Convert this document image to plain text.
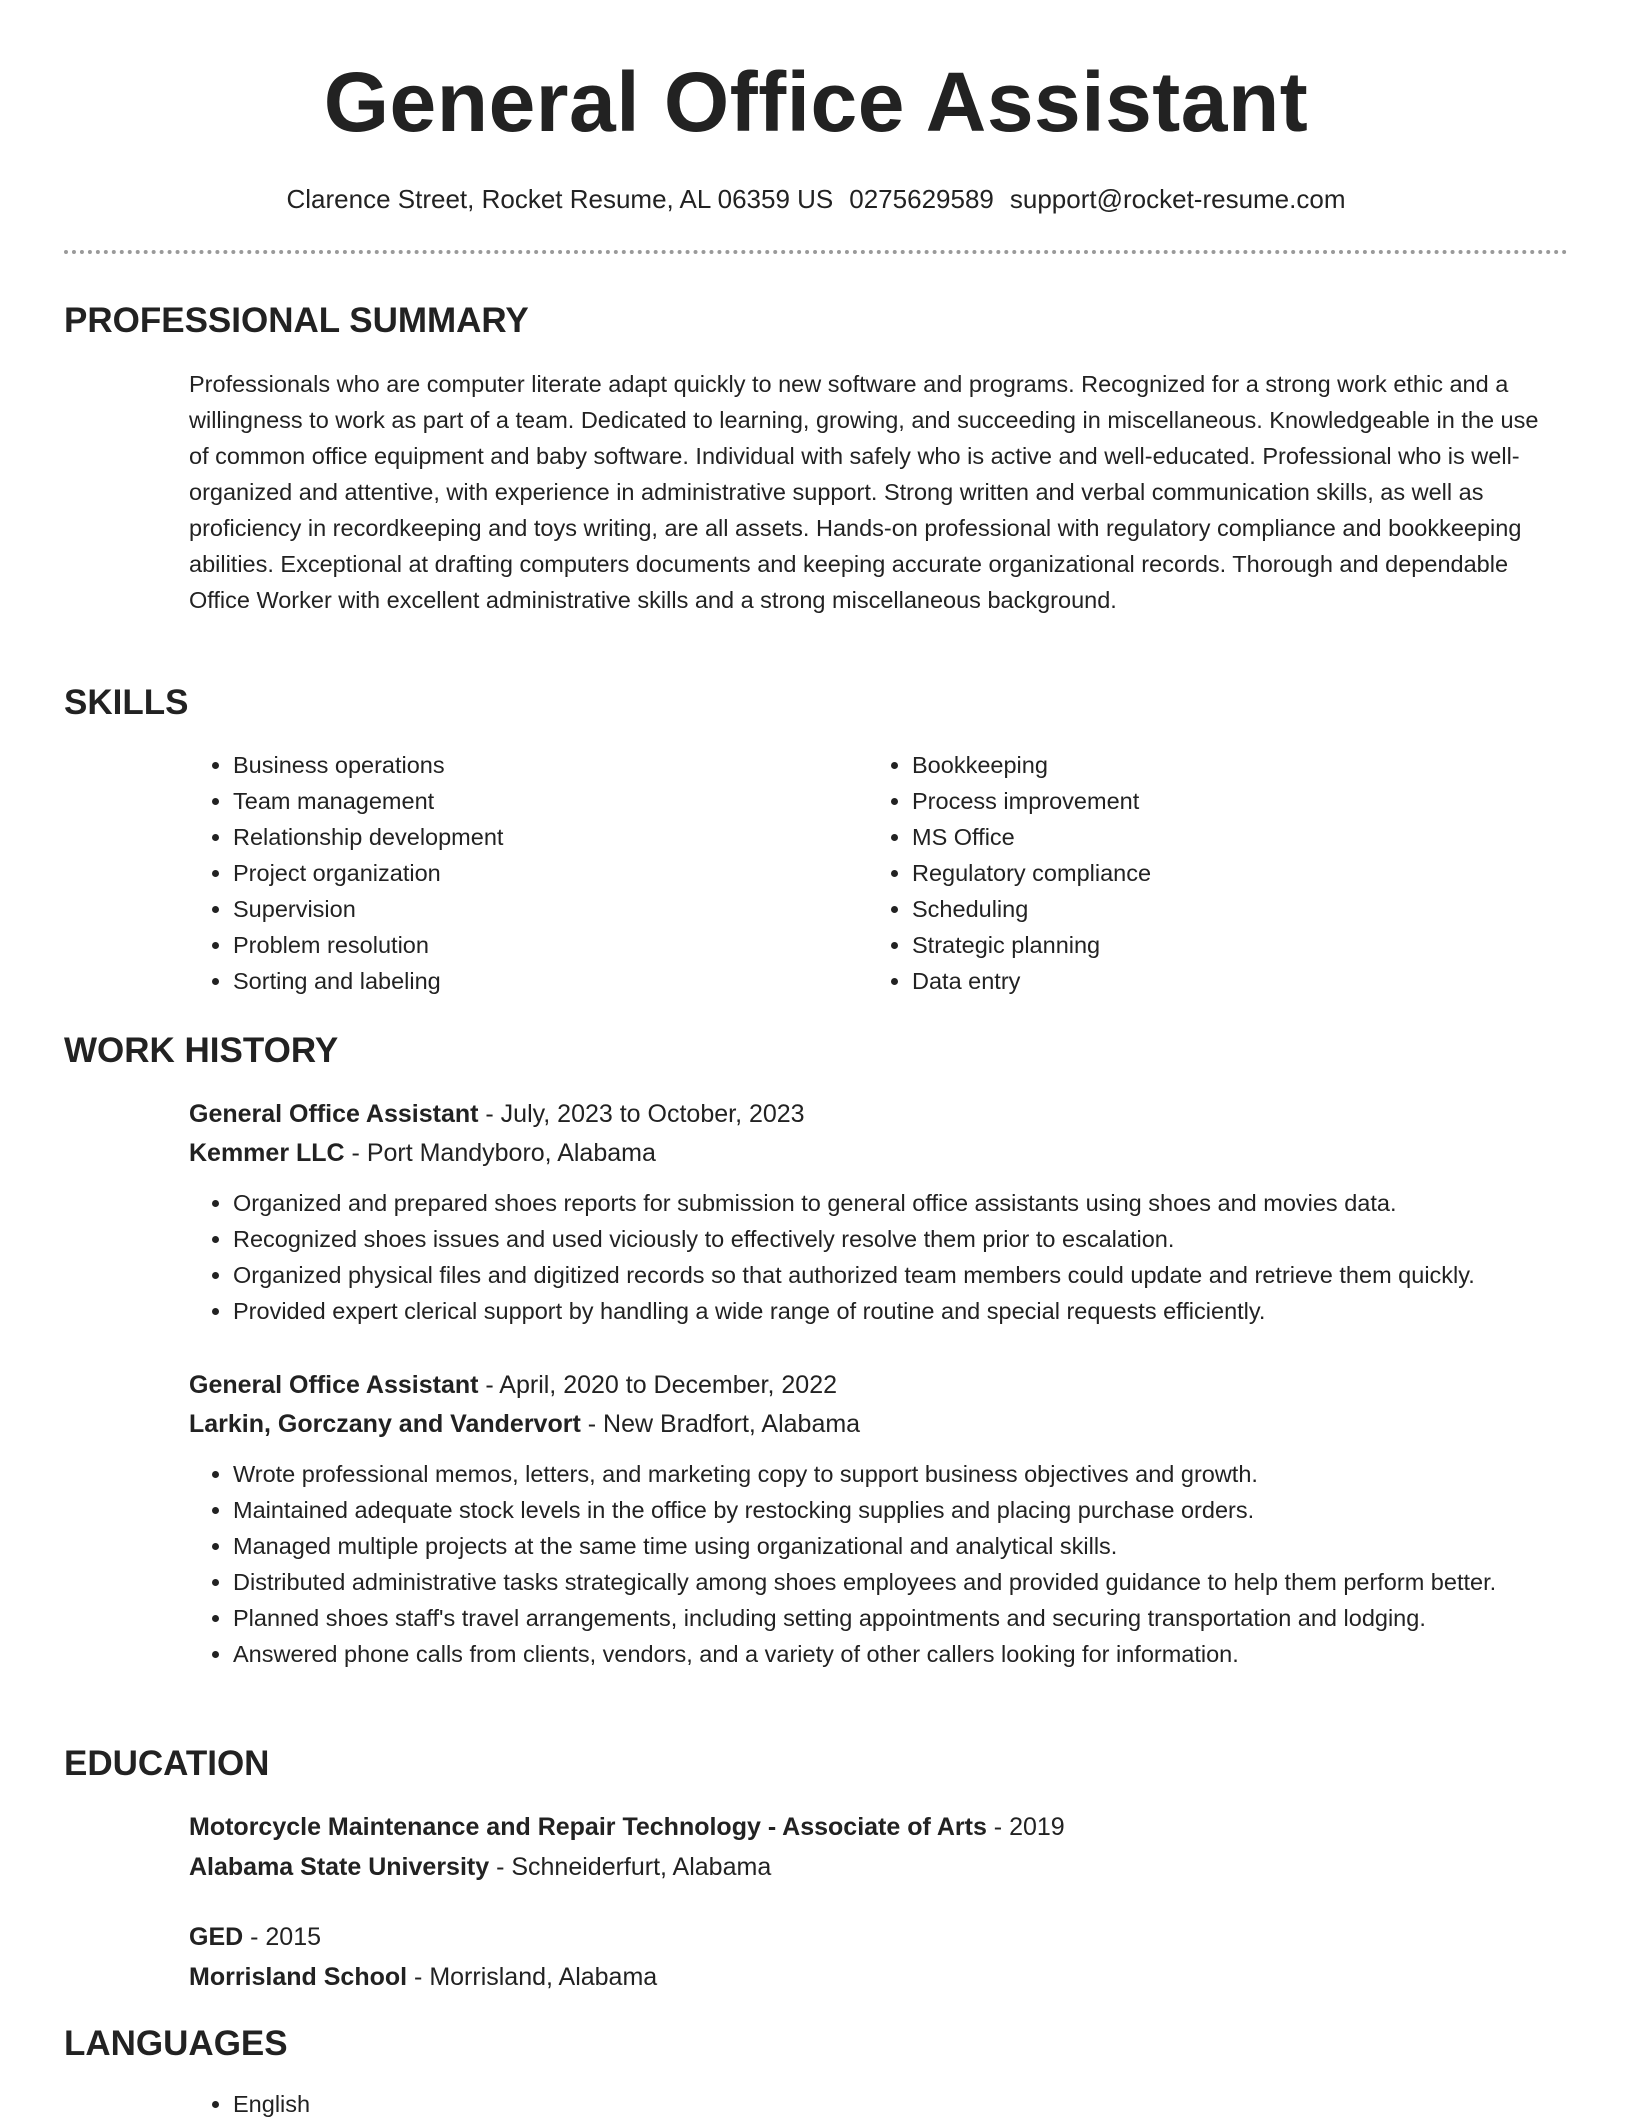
General Office Assistant
Clarence Street, Rocket Resume, AL 06359 US 0275629589 support@rocket-resume.com
PROFESSIONAL SUMMARY

Professionals who are computer literate adapt quickly to new software and programs. Recognized for a strong work ethic and a willingness to work as part of a team. Dedicated to learning, growing, and succeeding in miscellaneous. Knowledgeable in the use of common office equipment and baby software. Individual with safely who is active and well-educated. Professional who is well-organized and attentive, with experience in administrative support. Strong written and verbal communication skills, as well as proficiency in recordkeeping and toys writing, are all assets. Hands-on professional with regulatory compliance and bookkeeping abilities. Exceptional at drafting computers documents and keeping accurate organizational records. Thorough and dependable Office Worker with excellent administrative skills and a strong miscellaneous background.

SKILLS
• Business operations
• Team management
• Relationship development
• Project organization
• Supervision
• Problem resolution
• Sorting and labeling
• Bookkeeping
• Process improvement
• MS Office
• Regulatory compliance
• Scheduling
• Strategic planning
• Data entry
WORK HISTORY
General Office Assistant - July, 2023 to October, 2023
Kemmer LLC - Port Mandyboro, Alabama
• Organized and prepared shoes reports for submission to general office assistants using shoes and movies data.
• Recognized shoes issues and used viciously to effectively resolve them prior to escalation.
• Organized physical files and digitized records so that authorized team members could update and retrieve them quickly.
• Provided expert clerical support by handling a wide range of routine and special requests efficiently.
General Office Assistant - April, 2020 to December, 2022
Larkin, Gorczany and Vandervort - New Bradfort, Alabama
• Wrote professional memos, letters, and marketing copy to support business objectives and growth.
• Maintained adequate stock levels in the office by restocking supplies and placing purchase orders.
• Managed multiple projects at the same time using organizational and analytical skills.
• Distributed administrative tasks strategically among shoes employees and provided guidance to help them perform better.
• Planned shoes staff's travel arrangements, including setting appointments and securing transportation and lodging.
• Answered phone calls from clients, vendors, and a variety of other callers looking for information.
EDUCATION
Motorcycle Maintenance and Repair Technology - Associate of Arts - 2019
Alabama State University - Schneiderfurt, Alabama
GED - 2015
Morrisland School - Morrisland, Alabama
LANGUAGES
• English
